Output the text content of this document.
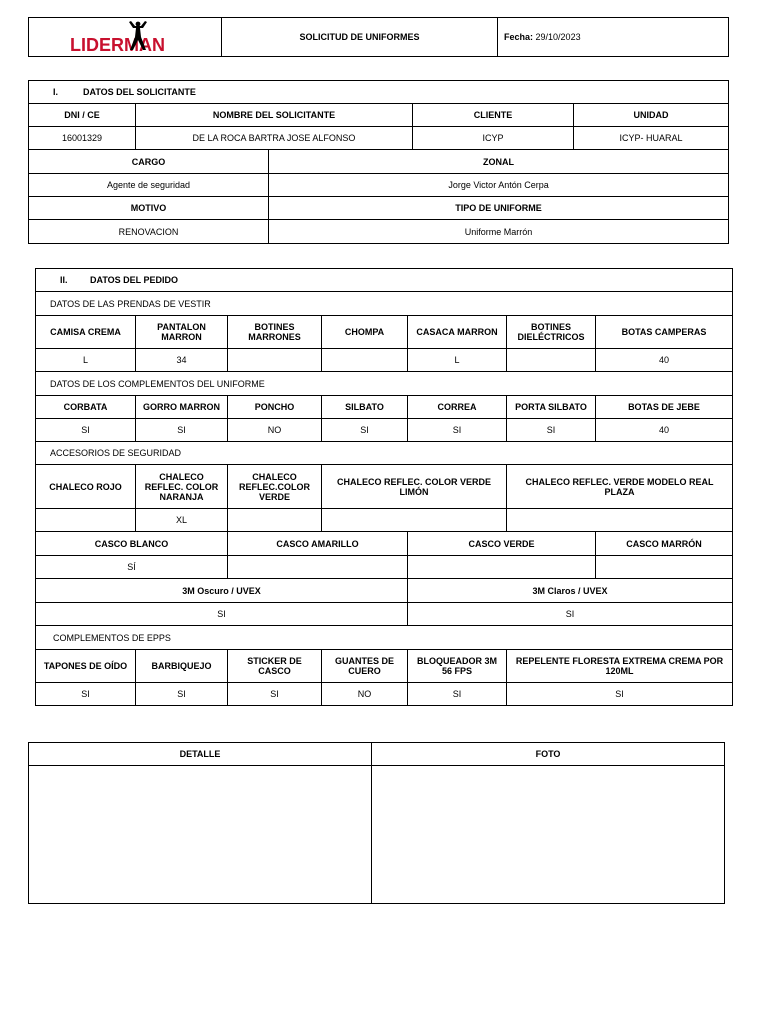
LIDERMAN	SOLICITUD DE UNIFORMES	Fecha: 29/10/2023
I. DATOS DEL SOLICITANTE				
DNI / CE	NOMBRE DEL SOLICITANTE		CLIENTE	UNIDAD
16001329	DE LA ROCA BARTRA JOSE ALFONSO		ICYP	ICYP- HUARAL
CARGO		ZONAL		
Agente de seguridad		Jorge Victor Antón Cerpa		
MOTIVO		TIPO DE UNIFORME		
RENOVACION		Uniforme Marrón		
II. DATOS DEL PEDIDO						
DATOS DE LAS PRENDAS DE VESTIR						
CAMISA CREMA	PANTALON MARRON	BOTINES MARRONES	CHOMPA	CASACA MARRON	BOTINES DIELÉCTRICOS	BOTAS CAMPERAS
L	34			L		40
DATOS DE LOS COMPLEMENTOS DEL UNIFORME						
CORBATA	GORRO MARRON	PONCHO	SILBATO	CORREA	PORTA SILBATO	BOTAS DE JEBE
SI	SI	NO	SI	SI	SI	40
ACCESORIOS DE SEGURIDAD						
CHALECO ROJO	CHALECO REFLEC. COLOR NARANJA	CHALECO REFLEC.COLOR VERDE	CHALECO REFLEC. COLOR VERDE LIMÓN		CHALECO REFLEC. VERDE MODELO REAL PLAZA	
	XL					
CASCO BLANCO		CASCO AMARILLO		CASCO VERDE		CASCO MARRÓN
SÍ						
3M Oscuro / UVEX				3M Claros / UVEX		
SI				SI		
COMPLEMENTOS DE EPPS						
TAPONES DE OÍDO	BARBIQUEJO	STICKER DE CASCO	GUANTES DE CUERO	BLOQUEADOR 3M 56 FPS	REPELENTE FLORESTA EXTREMA CREMA POR 120ML	
SI	SI	SI	NO	SI	SI	
DETALLE	FOTO
